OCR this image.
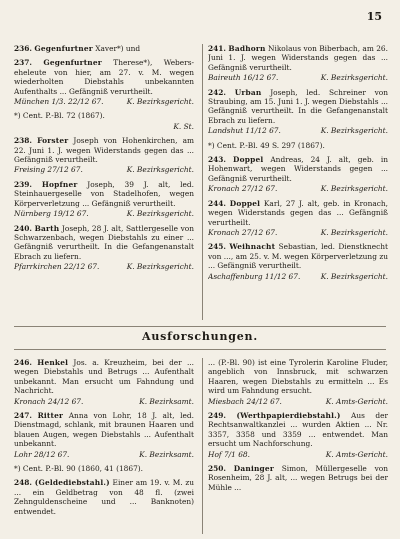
15
236. Gegenfurtner Xaver*) und
237. Gegenfurtner Therese*), Webers-eheleute von hier, am 27. v. M. wegen wiederholten Diebstahls unbekannten Aufenthalts ... Gefängniß verurtheilt.
München 1/3. 22/12 67.	K. Bezirksgericht.
*) Cent. P.-Bl. 72 (1867).
K. St.
238. Forster Joseph von Hohenkirchen, am 22. Juni 1. J. wegen Widerstands gegen das ... Gefängniß verurtheilt.
Freising 27/12 67.	K. Bezirksgericht.
239. Hopfner Joseph, 39 J. alt, led. Steinhauergeselle von Stadelhofen, wegen Körperverletzung ... Gefängniß verurtheilt.
Nürnberg 19/12 67.	K. Bezirksgericht.
240. Barth Joseph, 28 J. alt, Sattlergeselle von Schwarzenbach, wegen Diebstahls zu einer ... Gefängniß verurtheilt. In die Gefangenanstalt Ebrach zu liefern.
Pfarrkirchen 22/12 67.	K. Bezirksgericht.
241. Badhorn Nikolaus von Biberbach, am 26. Juni 1. J. wegen Widerstands gegen das ... Gefängniß verurtheilt.
Baireuth 16/12 67.	K. Bezirksgericht.
242. Urban Joseph, led. Schreiner von Straubing, am 15. Juni 1. J. wegen Diebstahls ... Gefängniß verurtheilt. In die Gefangenanstalt Ebrach zu liefern.
Landshut 11/12 67.	K. Bezirksgericht.
*) Cent. P.-Bl. 49 S. 297 (1867).
243. Doppel Andreas, 24 J. alt, geb. in Hohenwart, wegen Widerstands gegen ... Gefängniß verurtheilt.
Kronach 27/12 67.	K. Bezirksgericht.
244. Doppel Karl, 27 J. alt, geb. in Kronach, wegen Widerstands gegen das ... Gefängniß verurtheilt.
Kronach 27/12 67.	K. Bezirksgericht.
245. Weihnacht Sebastian, led. Dienstknecht von ..., am 25. v. M. wegen Körperverletzung zu ... Gefängniß verurtheilt.
Aschaffenburg 11/12 67.	K. Bezirksgericht.
Ausforschungen.
246. Henkel Jos. a. Kreuzheim, bei der ... wegen Diebstahls und Betrugs ... Aufenthalt unbekannt. Man ersucht um Fahndung und Nachricht.
Kronach 24/12 67.	K. Bezirksamt.
247. Ritter Anna von Lohr, 18 J. alt, led. Dienstmagd, schlank, mit braunen Haaren und blauen Augen, wegen Diebstahls ... Aufenthalt unbekannt.
Lohr 28/12 67.	K. Bezirksamt.
*) Cent. P.-Bl. 90 (1860, 41 (1867).
248. (Geldediebstahl.) Einer am 19. v. M. zu ... ein Geldbetrag von 48 fl. (zwei Zehnguldenscheine und ... Banknoten) entwendet.
... (P.-Bl. 90) ist eine Tyrolerin Karoline Fluder, angeblich von Innsbruck, mit schwarzen Haaren, wegen Diebstahls zu ermitteln ... Es wird um Fahndung ersucht.
Miesbach 24/12 67.	K. Amts-Gericht.
249. (Werthpapierdiebstahl.) Aus der Rechtsanwaltkanzlei ... wurden Aktien ... Nr. 3357, 3358 und 3359 ... entwendet. Man ersucht um Nachforschung.
Hof 7/1 68.	K. Amts-Gericht.
250. Daninger Simon, Müllergeselle von Rosenheim, 28 J. alt, ... wegen Betrugs bei der Mühle ...
